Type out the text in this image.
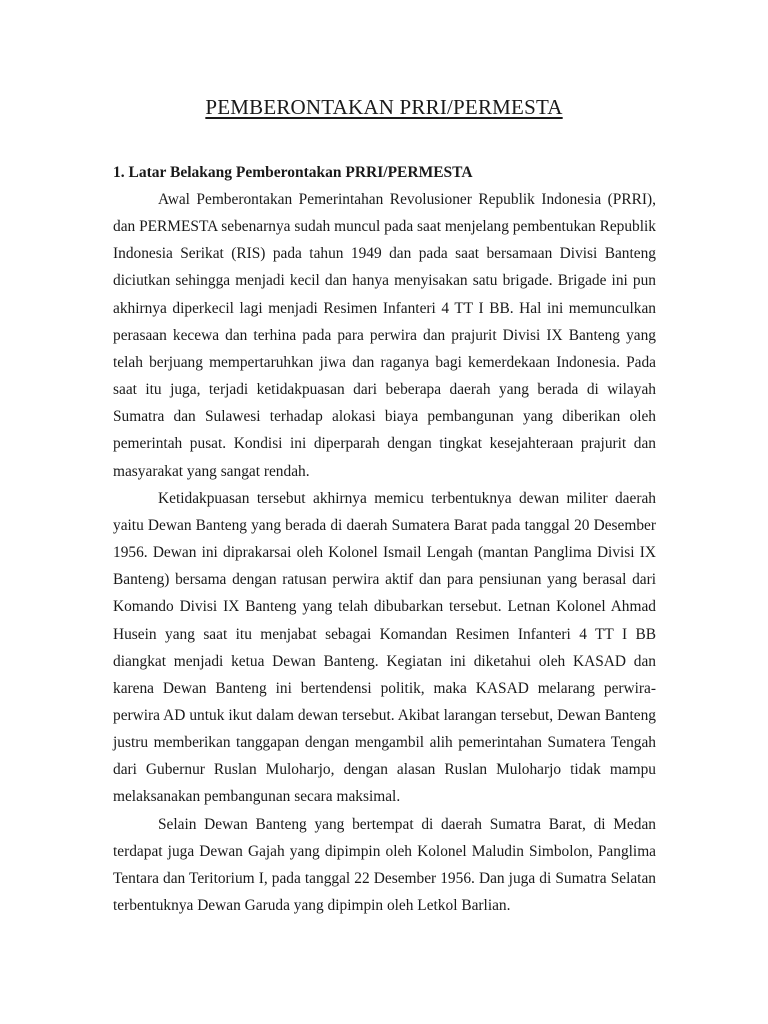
PEMBERONTAKAN PRRI/PERMESTA

1. Latar Belakang Pemberontakan PRRI/PERMESTA

Awal Pemberontakan Pemerintahan Revolusioner Republik Indonesia (PRRI), dan PERMESTA sebenarnya sudah muncul pada saat menjelang pembentukan Republik Indonesia Serikat (RIS) pada tahun 1949 dan pada saat bersamaan Divisi Banteng diciutkan sehingga menjadi kecil dan hanya menyisakan satu brigade. Brigade ini pun akhirnya diperkecil lagi menjadi Resimen Infanteri 4 TT I BB. Hal ini memunculkan perasaan kecewa dan terhina pada para perwira dan prajurit Divisi IX Banteng yang telah berjuang mempertaruhkan jiwa dan raganya bagi kemerdekaan Indonesia. Pada saat itu juga, terjadi ketidakpuasan dari beberapa daerah yang berada di wilayah Sumatra dan Sulawesi terhadap alokasi biaya pembangunan yang diberikan oleh pemerintah pusat. Kondisi ini diperparah dengan tingkat kesejahteraan prajurit dan masyarakat yang sangat rendah.

Ketidakpuasan tersebut akhirnya memicu terbentuknya dewan militer daerah yaitu Dewan Banteng yang berada di daerah Sumatera Barat pada tanggal 20 Desember 1956. Dewan ini diprakarsai oleh Kolonel Ismail Lengah (mantan Panglima Divisi IX Banteng) bersama dengan ratusan perwira aktif dan para pensiunan yang berasal dari Komando Divisi IX Banteng yang telah dibubarkan tersebut. Letnan Kolonel Ahmad Husein yang saat itu menjabat sebagai Komandan Resimen Infanteri 4 TT I BB diangkat menjadi ketua Dewan Banteng. Kegiatan ini diketahui oleh KASAD dan karena Dewan Banteng ini bertendensi politik, maka KASAD melarang perwira-perwira AD untuk ikut dalam dewan tersebut. Akibat larangan tersebut, Dewan Banteng justru memberikan tanggapan dengan mengambil alih pemerintahan Sumatera Tengah dari Gubernur Ruslan Muloharjo, dengan alasan Ruslan Muloharjo tidak mampu melaksanakan pembangunan secara maksimal.

Selain Dewan Banteng yang bertempat di daerah Sumatra Barat, di Medan terdapat juga Dewan Gajah yang dipimpin oleh Kolonel Maludin Simbolon, Panglima Tentara dan Teritorium I, pada tanggal 22 Desember 1956. Dan juga di Sumatra Selatan terbentuknya Dewan Garuda yang dipimpin oleh Letkol Barlian.
